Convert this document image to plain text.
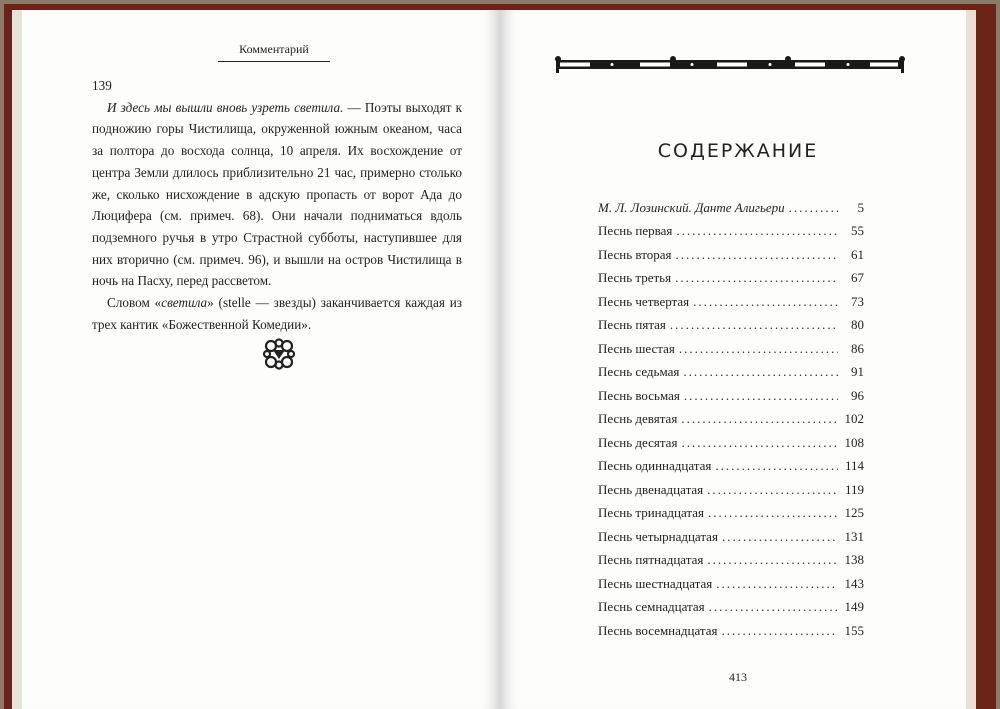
Комментарий

139

И здесь мы вышли вновь узреть светила. — Поэты выходят к подножию горы Чистилища, окруженной южным океаном, часа за полтора до восхода солнца, 10 апреля. Их восхождение от центра Земли длилось приблизительно 21 час, примерно столько же, сколько нисхождение в адскую пропасть от ворот Ада до Люцифера (см. примеч. 68). Они начали подниматься вдоль подземного ручья в утро Страстной субботы, наступившее для них вторично (см. примеч. 96), и вышли на остров Чистилища в ночь на Пасху, перед рассветом.

Словом «светила» (stelle — звезды) заканчивается каждая из трех кантик «Божественной Комедии».

СОДЕРЖАНИЕ
М. Л. Лозинский. Данте Алигьери .....	5
Песнь первая .....	55
Песнь вторая .....	61
Песнь третья .....	67
Песнь четвертая .....	73
Песнь пятая .....	80
Песнь шестая .....	86
Песнь седьмая .....	91
Песнь восьмая .....	96
Песнь девятая .....	102
Песнь десятая .....	108
Песнь одиннадцатая .....	114
Песнь двенадцатая .....	119
Песнь тринадцатая .....	125
Песнь четырнадцатая .....	131
Песнь пятнадцатая .....	138
Песнь шестнадцатая .....	143
Песнь семнадцатая .....	149
Песнь восемнадцатая .....	155
413
